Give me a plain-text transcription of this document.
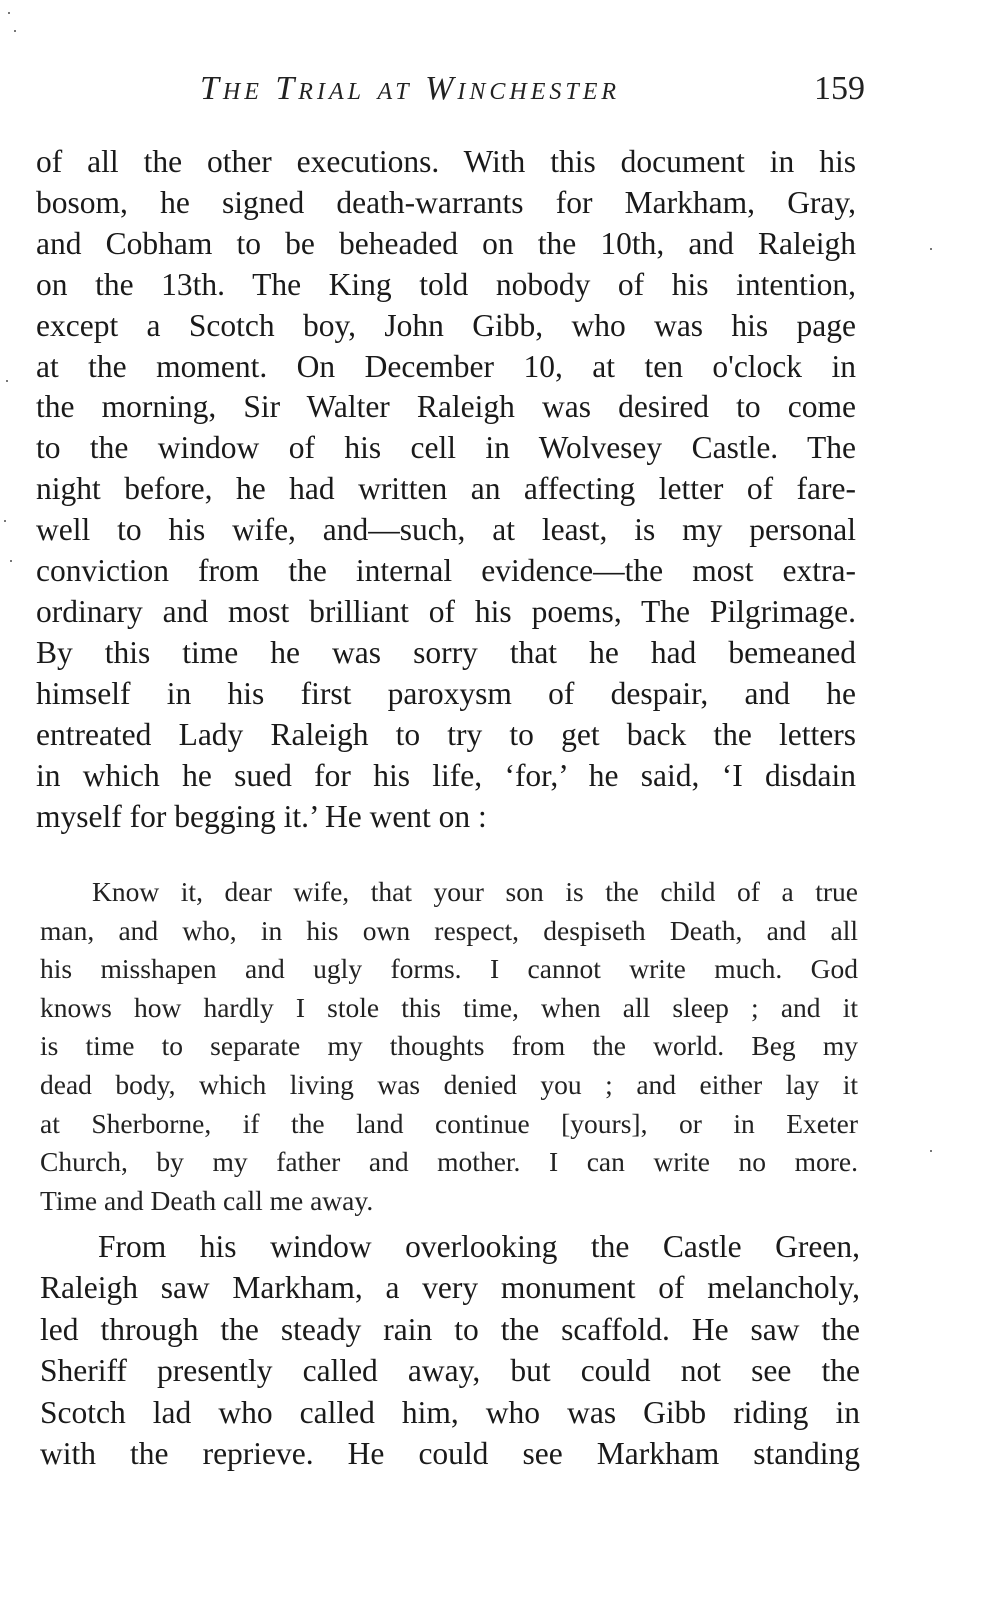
The Trial at Winchester	159
of all the other executions. With this document in his
bosom, he signed death-warrants for Markham, Gray,
and Cobham to be beheaded on the 10th, and Raleigh
on the 13th. The King told nobody of his intention,
except a Scotch boy, John Gibb, who was his page
at the moment. On December 10, at ten o'clock in
the morning, Sir Walter Raleigh was desired to come
to the window of his cell in Wolvesey Castle. The
night before, he had written an affecting letter of fare-
well to his wife, and—such, at least, is my personal
conviction from the internal evidence—the most extra-
ordinary and most brilliant of his poems, The Pilgrimage.
By this time he was sorry that he had bemeaned
himself in his first paroxysm of despair, and he
entreated Lady Raleigh to try to get back the letters
in which he sued for his life, ‘for,’ he said, ‘I disdain
myself for begging it.’ He went on :
Know it, dear wife, that your son is the child of a true
man, and who, in his own respect, despiseth Death, and all
his misshapen and ugly forms. I cannot write much. God
knows how hardly I stole this time, when all sleep ; and it
is time to separate my thoughts from the world. Beg my
dead body, which living was denied you ; and either lay it
at Sherborne, if the land continue [yours], or in Exeter
Church, by my father and mother. I can write no more.
Time and Death call me away.
From his window overlooking the Castle Green,
Raleigh saw Markham, a very monument of melancholy,
led through the steady rain to the scaffold. He saw the
Sheriff presently called away, but could not see the
Scotch lad who called him, who was Gibb riding in
with the reprieve. He could see Markham standing
